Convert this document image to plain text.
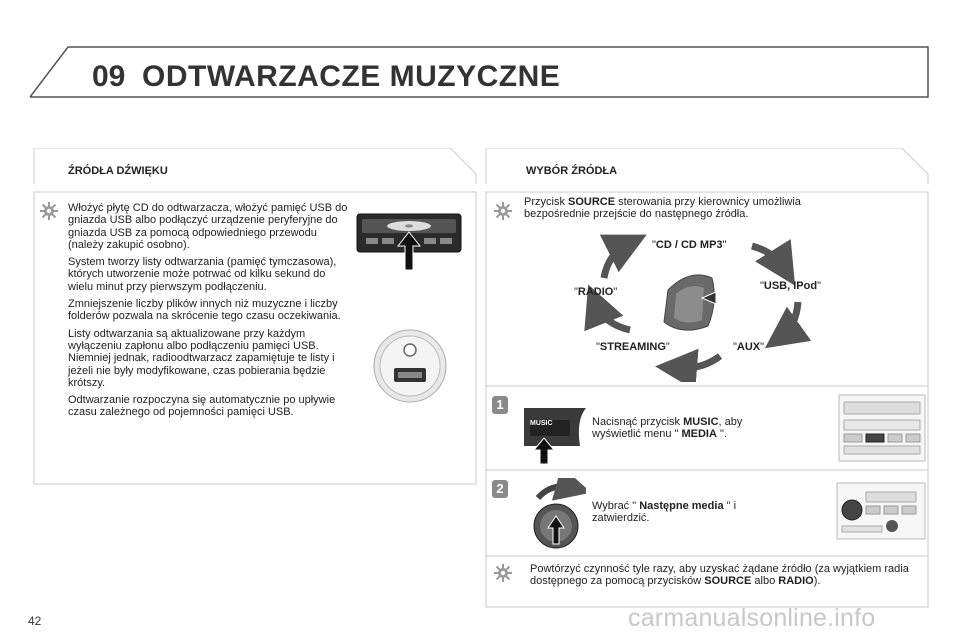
09 ODTWARZACZE MUZYCZNE
ŹRÓDŁA DŹWIĘKU

Włożyć płytę CD do odtwarzacza, włożyć pamięć USB do gniazda USB albo podłączyć urządzenie peryferyjne do gniazda USB za pomocą odpowiedniego przewodu (należy zakupić osobno).

System tworzy listy odtwarzania (pamięć tymczasowa), których utworzenie może potrwać od kilku sekund do wielu minut przy pierwszym podłączeniu.

Zmniejszenie liczby plików innych niż muzyczne i liczby folderów pozwala na skrócenie tego czasu oczekiwania.

Listy odtwarzania są aktualizowane przy każdym wyłączeniu zapłonu albo podłączeniu pamięci USB. Niemniej jednak, radioodtwarzacz zapamiętuje te listy i jeżeli nie były modyfikowane, czas pobierania będzie krótszy.

Odtwarzanie rozpoczyna się automatycznie po upływie czasu zależnego od pojemności pamięci USB.

WYBÓR ŹRÓDŁA
Przycisk SOURCE sterowania przy kierownicy umożliwia bezpośrednie przejście do następnego źródła.
"CD / CD MP3"
"USB, IPod"
"AUX"
"STREAMING"
"RADIO"
1
MUSIC	Nacisnąć przycisk MUSIC, aby wyświetlić menu " MEDIA ".
2
Wybrać " Następne media " i zatwierdzić.
Powtórzyć czynność tyle razy, aby uzyskać żądane źródło (za wyjątkiem radia dostępnego za pomocą przycisków SOURCE albo RADIO).
42	carmanualsonline.info
